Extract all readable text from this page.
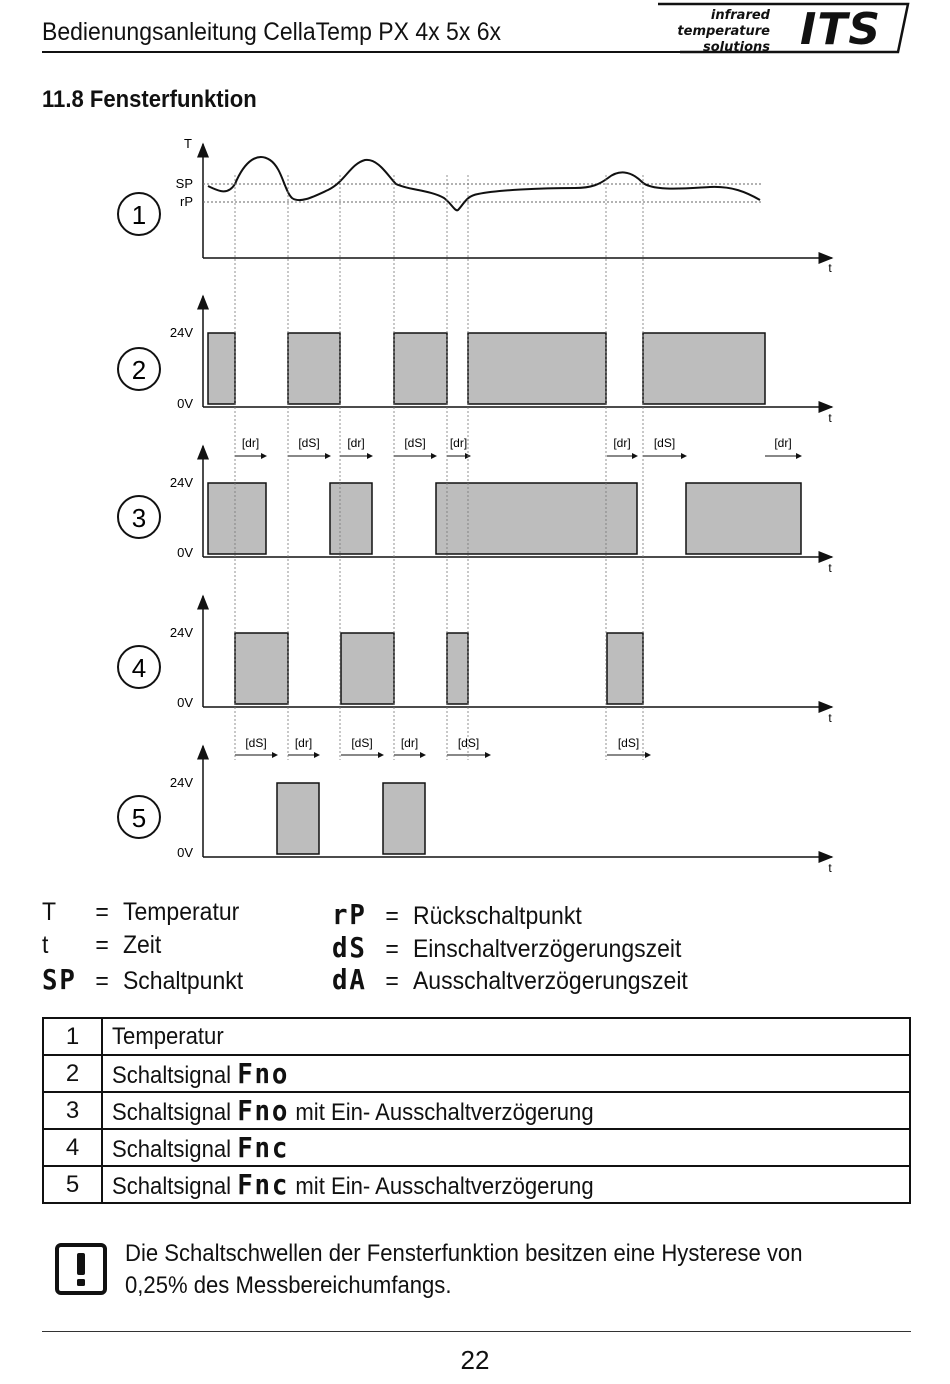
Bedienungsanleitung CellaTemp PX 4x 5x 6x
infrared
temperature
solutions ITS
11.8 Fensterfunktion
1
T
SP
rP
t
2
24V
0V
t
3
24V
0V
t
[dr]	[dS] [dr]	[dS] [dr]	[dr] [dS]	[dr]
4
24V
0V
t
5
24V
0V
t
[dS] [dr]	[dS] [dr]	[dS]	[dS]
T = Temperatur
t = Zeit
SP = Schaltpunkt
rP = Rückschaltpunkt
dS = Einschaltverzögerungszeit
dA = Ausschaltverzögerungszeit
1	Temperatur
2	Schaltsignal Fno
3	Schaltsignal Fno mit Ein- Ausschaltverzögerung
4	Schaltsignal Fnc
5	Schaltsignal Fnc mit Ein- Ausschaltverzögerung
Die Schaltschwellen der Fensterfunktion besitzen eine Hysterese von 0,25% des Messbereichumfangs.
22
